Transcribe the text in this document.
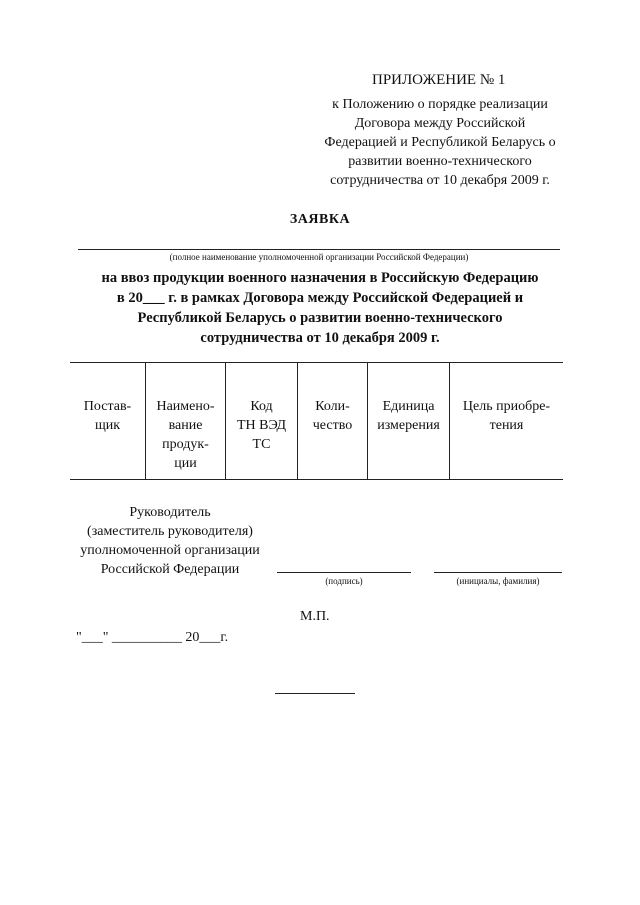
ПРИЛОЖЕНИЕ № 1
к Положению о порядке реализации
Договора между Российской
Федерацией и Республикой Беларусь о
развитии военно-технического
сотрудничества от 10 декабря 2009 г.
ЗАЯВКА
(полное наименование уполномоченной организации Российской Федерации)
на ввоз продукции военного назначения в Российскую Федерацию
в 20___ г. в рамках Договора между Российской Федерацией и
Республикой Беларусь о развитии военно-технического
сотрудничества от 10 декабря 2009 г.
Постав-
щик
Наимено-
вание
продук-
ции
Код
ТН ВЭД
ТС
Коли-
чество
Единица
измерения
Цель приобре-
тения
Руководитель
(заместитель руководителя)
уполномоченной организации
Российской Федерации
(подпись)	(инициалы, фамилия)
М.П.
"___" __________ 20___г.
